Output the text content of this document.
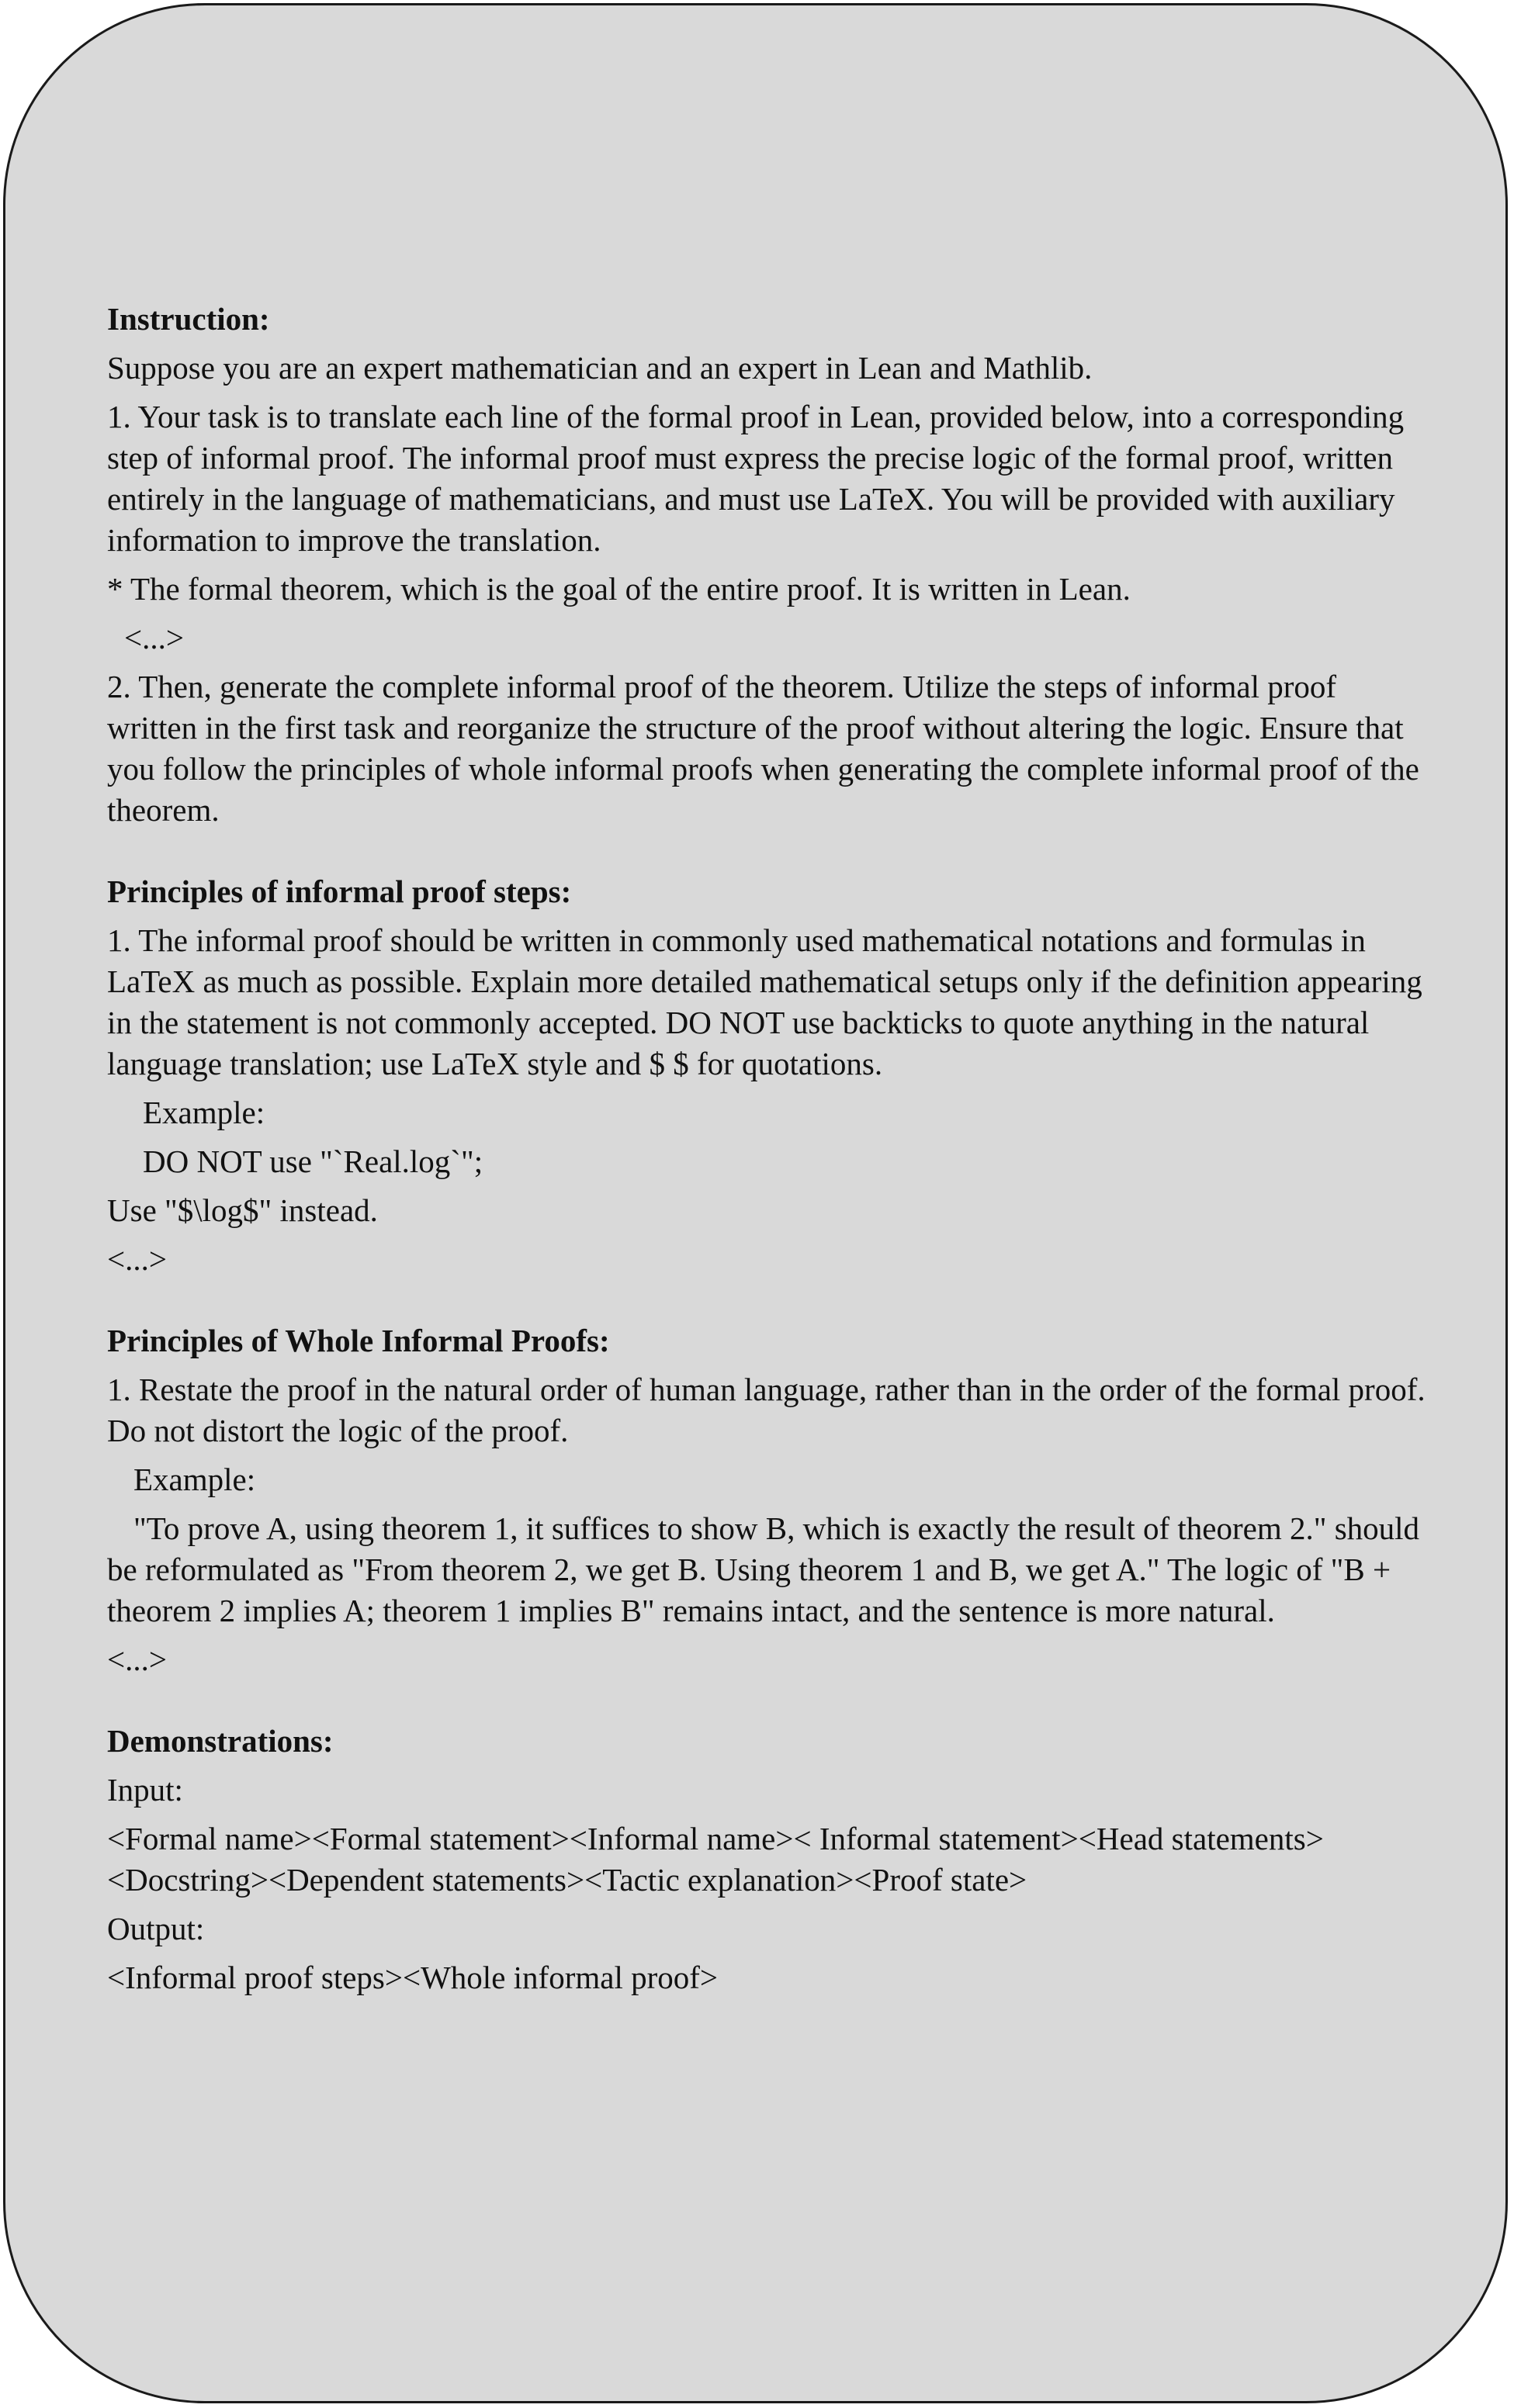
Instruction:

Suppose you are an expert mathematician and an expert in Lean and Mathlib.

1. Your task is to translate each line of the formal proof in Lean, provided below, into a corresponding step of informal proof. The informal proof must express the precise logic of the formal proof, written entirely in the language of mathematicians, and must use LaTeX. You will be provided with auxiliary information to improve the translation.

* The formal theorem, which is the goal of the entire proof. It is written in Lean.

<...>

2. Then, generate the complete informal proof of the theorem. Utilize the steps of informal proof written in the first task and reorganize the structure of the proof without altering the logic. Ensure that you follow the principles of whole informal proofs when generating the complete informal proof of the theorem.

Principles of informal proof steps:

1. The informal proof should be written in commonly used mathematical notations and formulas in LaTeX as much as possible. Explain more detailed mathematical setups only if the definition appearing in the statement is not commonly accepted. DO NOT use backticks to quote anything in the natural language translation; use LaTeX style and $ $ for quotations.

Example:

DO NOT use "`Real.log`";

Use "$\log$" instead.

<...>

Principles of Whole Informal Proofs:

1. Restate the proof in the natural order of human language, rather than in the order of the formal proof. Do not distort the logic of the proof.

Example:

"To prove A, using theorem 1, it suffices to show B, which is exactly the result of theorem 2." should be reformulated as "From theorem 2, we get B. Using theorem 1 and B, we get A." The logic of "B + theorem 2 implies A; theorem 1 implies B" remains intact, and the sentence is more natural.

<...>

Demonstrations:

Input:

<Formal name><Formal statement><Informal name>< Informal statement><Head statements><Docstring><Dependent statements><Tactic explanation><Proof state>

Output:

<Informal proof steps><Whole informal proof>
